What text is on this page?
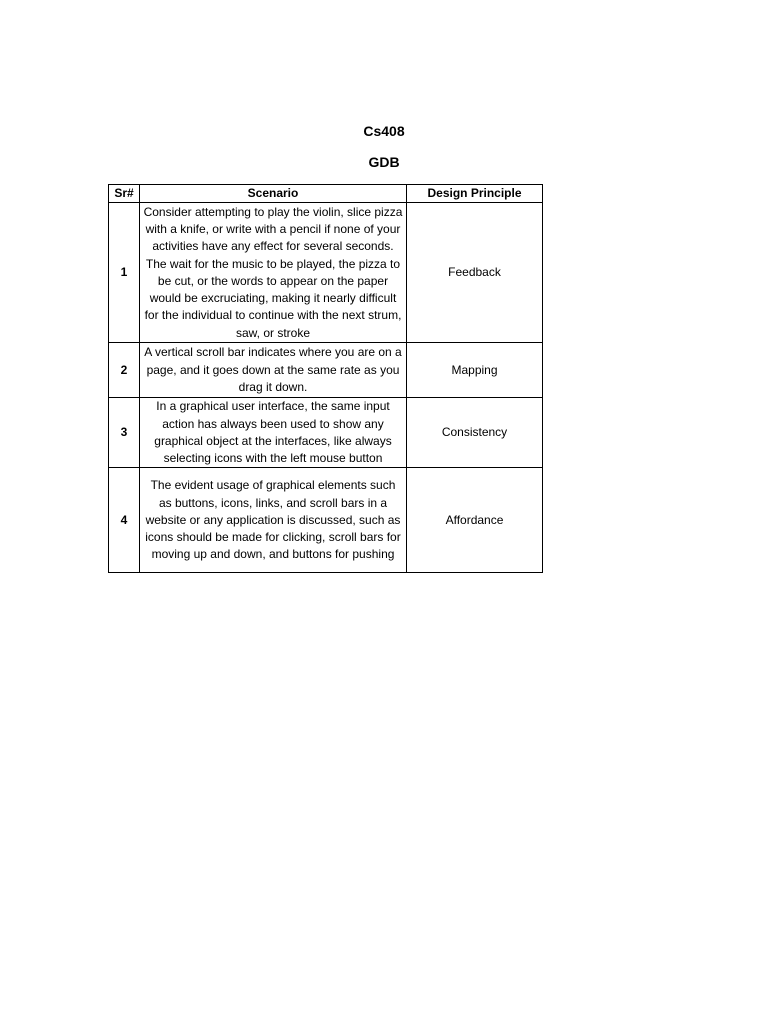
Cs408
GDB
Sr#	Scenario	Design Principle
1	Consider attempting to play the violin, slice pizza with a knife, or write with a pencil if none of your activities have any effect for several seconds. The wait for the music to be played, the pizza to be cut, or the words to appear on the paper would be excruciating, making it nearly difficult for the individual to continue with the next strum, saw, or stroke	Feedback
2	A vertical scroll bar indicates where you are on a page, and it goes down at the same rate as you drag it down.	Mapping
3	In a graphical user interface, the same input action has always been used to show any graphical object at the interfaces, like always selecting icons with the left mouse button	Consistency
4	The evident usage of graphical elements such as buttons, icons, links, and scroll bars in a website or any application is discussed, such as icons should be made for clicking, scroll bars for moving up and down, and buttons for pushing	Affordance
